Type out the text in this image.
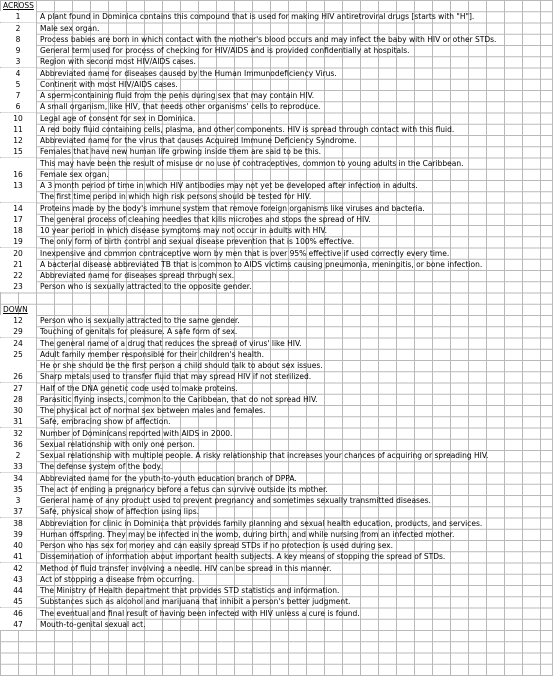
ACROSS
1	A plant found in Dominica contains this compound that is used for making HIV antiretroviral drugs [starts with "H"].
2	Male sex organ.
8	Process babies are born in which contact with the mother's blood occurs and may infect the baby with HIV or other STDs.
9	General term used for process of checking for HIV/AIDS and is provided confidentially at hospitals.
3	Region with second most HIV/AIDS cases.
4	Abbreviated name for diseases caused by the Human Immunodeficiency Virus.
5	Continent with most HIV/AIDS cases.
7	A sperm-containing fluid from the penis during sex that may contain HIV.
6	A small organism, like HIV, that needs other organisms' cells to reproduce.
10	Legal age of consent for sex in Dominica.
11	A red body fluid containing cells, plasma, and other components. HIV is spread through contact with this fluid.
12	Abbreviated name for the virus that causes Acquired Immune Deficiency Syndrome.
15	Females that have new human life growing inside them are said to be this.
This may have been the result of misuse or no use of contraceptives, common to young adults in the Caribbean.
16	Female sex organ.
13	A 3 month period of time in which HIV antibodies may not yet be developed after infection in adults.
The first time period in which high risk persons should be tested for HIV.
14	Proteins made by the body's immune system that remove foreign organisms like viruses and bacteria.
17	The general process of cleaning needles that kills microbes and stops the spread of HIV.
18	10 year period in which disease symptoms may not occur in adults with HIV.
19	The only form of birth control and sexual disease prevention that is 100% effective.
20	Inexpensive and common contraceptive worn by men that is over 95% effective if used correctly every time.
21	A bacterial disease abbreviated TB that is common to AIDS victims causing pneumonia, meningitis, or bone infection.
22	Abbreviated name for diseases spread through sex.
23	Person who is sexually attracted to the opposite gender.
DOWN
12	Person who is sexually attracted to the same gender.
29	Touching of genitals for pleasure. A safe form of sex.
24	The general name of a drug that reduces the spread of virus' like HIV.
25	Adult family member responsible for their children's health.
He or she should be the first person a child should talk to about sex issues.
26	Sharp metals used to transfer fluid that may spread HIV if not sterilized.
27	Half of the DNA genetic code used to make proteins.
28	Parasitic flying insects, common to the Caribbean, that do not spread HIV.
30	The physical act of normal sex between males and females.
31	Safe, embracing show of affection.
32	Number of Dominicans reported with AIDS in 2000.
36	Sexual relationship with only one person.
2	Sexual relationship with multiple people. A risky relationship that increases your chances of acquiring or spreading HIV.
33	The defense system of the body.
34	Abbreviated name for the youth-to-youth education branch of DPPA.
35	The act of ending a pregnancy before a fetus can survive outside its mother.
3	General name of any product used to prevent pregnancy and sometimes sexually transmitted diseases.
37	Safe, physical show of affection using lips.
38	Abbreviation for clinic in Dominica that provides family planning and sexual health education, products, and services.
39	Human offspring. They may be infected in the womb, during birth, and while nursing from an infected mother.
40	Person who has sex for money and can easily spread STDs if no protection is used during sex.
41	Dissemination of information about important health subjects. A key means of stopping the spread of STDs.
42	Method of fluid transfer involving a needle. HIV can be spread in this manner.
43	Act of stopping a disease from occurring.
44	The Ministry of Health department that provides STD statistics and information.
45	Substances such as alcohol and marijuana that inhibit a person's better judgment.
46	The eventual and final result of having been infected with HIV unless a cure is found.
47	Mouth-to-genital sexual act.
